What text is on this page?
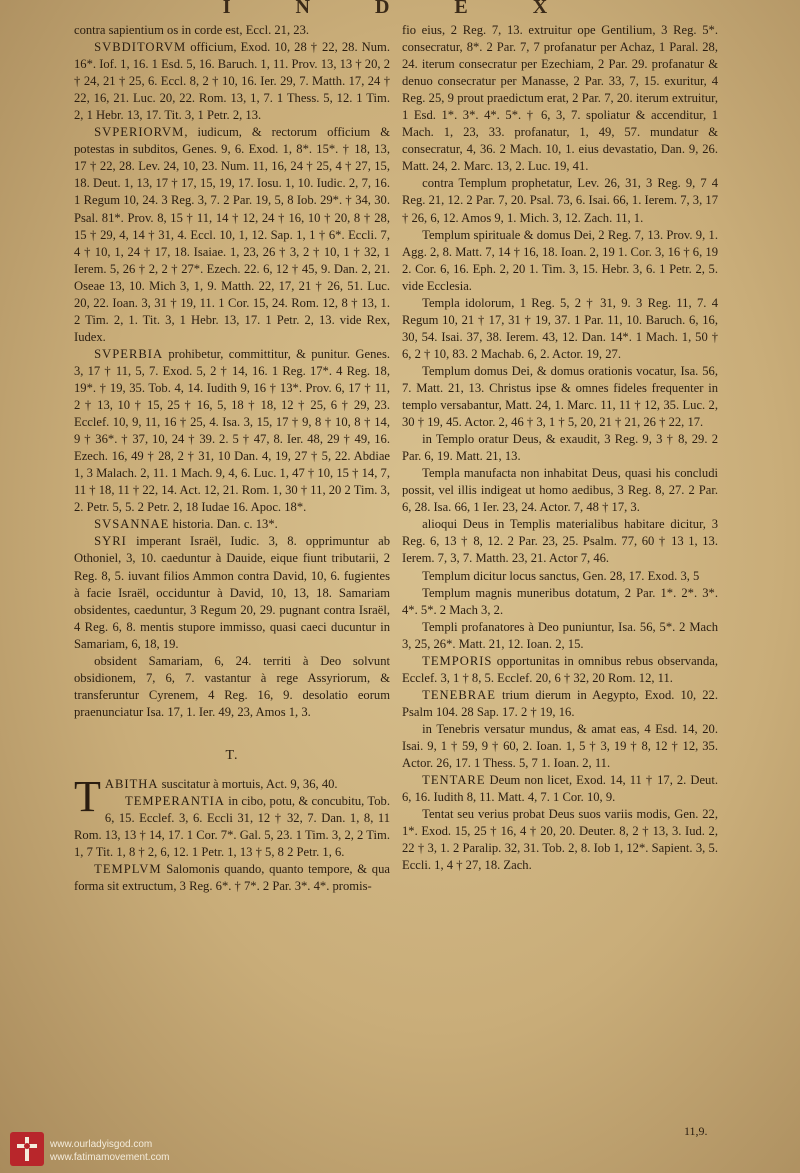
I N D E X

contra sapientium os in corde est, Eccl. 21, 23.

SVBDITORVM officium, Exod. 10, 28 † 22, 28. Num. 16*. Iof. 1, 16. 1 Esd. 5, 16. Baruch. 1, 11. Prov. 13, 13 † 20, 2 † 24, 21 † 25, 6. Eccl. 8, 2 † 10, 16. Ier. 29, 7. Matth. 17, 24 † 22, 16, 21. Luc. 20, 22. Rom. 13, 1, 7. 1 Thess. 5, 12. 1 Tim. 2, 1 Hebr. 13, 17. Tit. 3, 1 Petr. 2, 13.

SVPERIORVM, iudicum, & rectorum officium & potestas in subditos, Genes. 9, 6. Exod. 1, 8*. 15*. † 18, 13, 17 † 22, 28. Lev. 24, 10, 23. Num. 11, 16, 24 † 25, 4 † 27, 15, 18. Deut. 1, 13, 17 † 17, 15, 19, 17. Iosu. 1, 10. Iudic. 2, 7, 16. 1 Regum 10, 24. 3 Reg. 3, 7. 2 Par. 19, 5, 8 Iob. 29*. † 34, 30. Psal. 81*. Prov. 8, 15 † 11, 14 † 12, 24 † 16, 10 † 20, 8 † 28, 15 † 29, 4, 14 † 31, 4. Eccl. 10, 1, 12. Sap. 1, 1 † 6*. Eccli. 7, 4 † 10, 1, 24 † 17, 18. Isaiae. 1, 23, 26 † 3, 2 † 10, 1 † 32, 1 Ierem. 5, 26 † 2, 2 † 27*. Ezech. 22. 6, 12 † 45, 9. Dan. 2, 21. Oseae 13, 10. Mich 3, 1, 9. Matth. 22, 17, 21 † 26, 51. Luc. 20, 22. Ioan. 3, 31 † 19, 11. 1 Cor. 15, 24. Rom. 12, 8 † 13, 1. 2 Tim. 2, 1. Tit. 3, 1 Hebr. 13, 17. 1 Petr. 2, 13. vide Rex, Iudex.

SVPERBIA prohibetur, committitur, & punitur. Genes. 3, 17 † 11, 5, 7. Exod. 5, 2 † 14, 16. 1 Reg. 17*. 4 Reg. 18, 19*. † 19, 35. Tob. 4, 14. Iudith 9, 16 † 13*. Prov. 6, 17 † 11, 2 † 13, 10 † 15, 25 † 16, 5, 18 † 18, 12 † 25, 6 † 29, 23. Ecclef. 10, 9, 11, 16 † 25, 4. Isa. 3, 15, 17 † 9, 8 † 10, 8 † 14, 9 † 36*. † 37, 10, 24 † 39. 2. 5 † 47, 8. Ier. 48, 29 † 49, 16. Ezech. 16, 49 † 28, 2 † 31, 10 Dan. 4, 19, 27 † 5, 22. Abdiae 1, 3 Malach. 2, 11. 1 Mach. 9, 4, 6. Luc. 1, 47 † 10, 15 † 14, 7, 11 † 18, 11 † 22, 14. Act. 12, 21. Rom. 1, 30 † 11, 20 2 Tim. 3, 2. Petr. 5, 5. 2 Petr. 2, 18 Iudae 16. Apoc. 18*.

SVSANNAE historia. Dan. c. 13*.

SYRI imperant Israël, Iudic. 3, 8. opprimuntur ab Othoniel, 3, 10. caeduntur à Dauide, eique fiunt tributarii, 2 Reg. 8, 5. iuvant filios Ammon contra David, 10, 6. fugientes à facie Israël, occiduntur à David, 10, 13, 18. Samariam obsidentes, caeduntur, 3 Regum 20, 29. pugnant contra Israël, 4 Reg. 6, 8. mentis stupore immisso, quasi caeci ducuntur in Samariam, 6, 18, 19.

obsident Samariam, 6, 24. territi à Deo solvunt obsidionem, 7, 6, 7. vastantur à rege Assyriorum, & transferuntur Cyrenem, 4 Reg. 16, 9. desolatio eorum praenunciatur Isa. 17, 1. Ier. 49, 23, Amos 1, 3.

T.

TABITHA suscitatur à mortuis, Act. 9, 36, 40.

TEMPERANTIA in cibo, potu, & concubitu, Tob. 6, 15. Ecclef. 3, 6. Eccli 31, 12 † 32, 7. Dan. 1, 8, 11 Rom. 13, 13 † 14, 17. 1 Cor. 7*. Gal. 5, 23. 1 Tim. 3, 2, 2 Tim. 1, 7 Tit. 1, 8 † 2, 6, 12. 1 Petr. 1, 13 † 5, 8 2 Petr. 1, 6.

TEMPLVM Salomonis quando, quanto tempore, & qua forma sit extructum, 3 Reg. 6*. † 7*. 2 Par. 3*. 4*. promis-

fio eius, 2 Reg. 7, 13. extruitur ope Gentilium, 3 Reg. 5*. consecratur, 8*. 2 Par. 7, 7 profanatur per Achaz, 1 Paral. 28, 24. iterum consecratur per Ezechiam, 2 Par. 29. profanatur & denuo consecratur per Manasse, 2 Par. 33, 7, 15. exuritur, 4 Reg. 25, 9 prout praedictum erat, 2 Par. 7, 20. iterum extruitur, 1 Esd. 1*. 3*. 4*. 5*. † 6, 3, 7. spoliatur & accenditur, 1 Mach. 1, 23, 33. profanatur, 1, 49, 57. mundatur & consecratur, 4, 36. 2 Mach. 10, 1. eius devastatio, Dan. 9, 26. Matt. 24, 2. Marc. 13, 2. Luc. 19, 41.

contra Templum prophetatur, Lev. 26, 31, 3 Reg. 9, 7 4 Reg. 21, 12. 2 Par. 7, 20. Psal. 73, 6. Isai. 66, 1. Ierem. 7, 3, 17 † 26, 6, 12. Amos 9, 1. Mich. 3, 12. Zach. 11, 1.

Templum spirituale & domus Dei, 2 Reg. 7, 13. Prov. 9, 1. Agg. 2, 8. Matt. 7, 14 † 16, 18. Ioan. 2, 19 1. Cor. 3, 16 † 6, 19 2. Cor. 6, 16. Eph. 2, 20 1. Tim. 3, 15. Hebr. 3, 6. 1 Petr. 2, 5. vide Ecclesia.

Templa idolorum, 1 Reg. 5, 2 † 31, 9. 3 Reg. 11, 7. 4 Regum 10, 21 † 17, 31 † 19, 37. 1 Par. 11, 10. Baruch. 6, 16, 30, 54. Isai. 37, 38. Ierem. 43, 12. Dan. 14*. 1 Mach. 1, 50 † 6, 2 † 10, 83. 2 Machab. 6, 2. Actor. 19, 27.

Templum domus Dei, & domus orationis vocatur, Isa. 56, 7. Matt. 21, 13. Christus ipse & omnes fideles frequenter in templo versabantur, Matt. 24, 1. Marc. 11, 11 † 12, 35. Luc. 2, 30 † 19, 45. Actor. 2, 46 † 3, 1 † 5, 20, 21 † 21, 26 † 22, 17.

in Templo oratur Deus, & exaudit, 3 Reg. 9, 3 † 8, 29. 2 Par. 6, 19. Matt. 21, 13.

Templa manufacta non inhabitat Deus, quasi his concludi possit, vel illis indigeat ut homo aedibus, 3 Reg. 8, 27. 2 Par. 6, 28. Isa. 66, 1 Ier. 23, 24. Actor. 7, 48 † 17, 3.

alioqui Deus in Templis materialibus habitare dicitur, 3 Reg. 6, 13 † 8, 12. 2 Par. 23, 25. Psalm. 77, 60 † 13 1, 13. Ierem. 7, 3, 7. Matth. 23, 21. Actor 7, 46.

Templum dicitur locus sanctus, Gen. 28, 17. Exod. 3, 5

Templum magnis muneribus dotatum, 2 Par. 1*. 2*. 3*. 4*. 5*. 2 Mach 3, 2.

Templi profanatores à Deo puniuntur, Isa. 56, 5*. 2 Mach 3, 25, 26*. Matt. 21, 12. Ioan. 2, 15.

TEMPORIS opportunitas in omnibus rebus observanda, Ecclef. 3, 1 † 8, 5. Ecclef. 20, 6 † 32, 20 Rom. 12, 11.

TENEBRAE trium dierum in Aegypto, Exod. 10, 22. Psalm 104. 28 Sap. 17. 2 † 19, 16.

in Tenebris versatur mundus, & amat eas, 4 Esd. 14, 20. Isai. 9, 1 † 59, 9 † 60, 2. Ioan. 1, 5 † 3, 19 † 8, 12 † 12, 35. Actor. 26, 17. 1 Thess. 5, 7 1. Ioan. 2, 11.

TENTARE Deum non licet, Exod. 14, 11 † 17, 2. Deut. 6, 16. Iudith 8, 11. Matt. 4, 7. 1 Cor. 10, 9.

Tentat seu verius probat Deus suos variis modis, Gen. 22, 1*. Exod. 15, 25 † 16, 4 † 20, 20. Deuter. 8, 2 † 13, 3. Iud. 2, 22 † 3, 1. 2 Paralip. 32, 31. Tob. 2, 8. Iob 1, 12*. Sapient. 3, 5. Eccli. 1, 4 † 27, 18. Zach.

11,9.
www.ourladyisgod.com
www.fatimamovement.com
